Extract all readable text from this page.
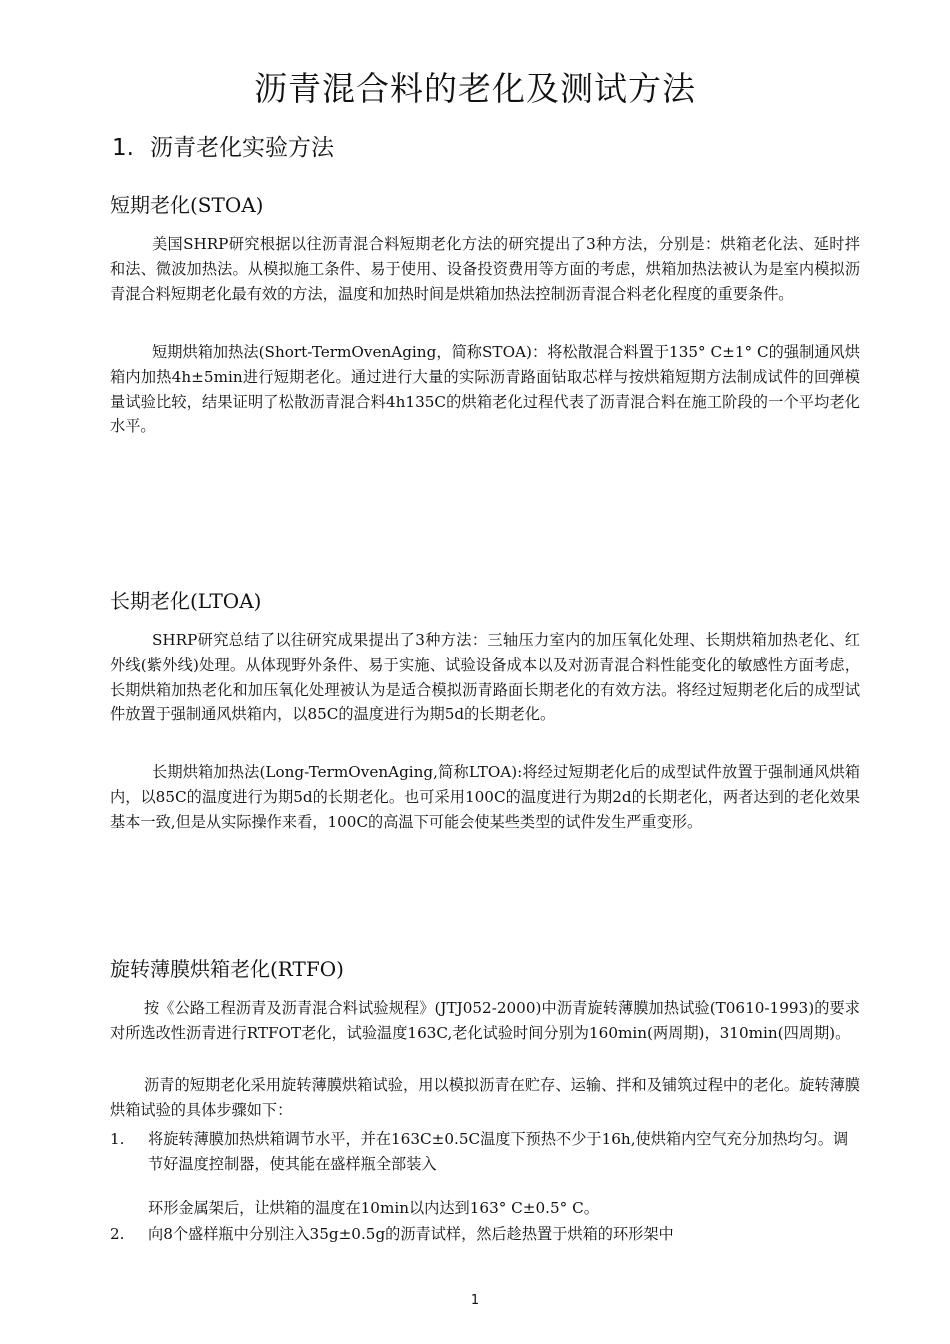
沥青混合料的老化及测试方法
1. 沥青老化实验方法
短期老化(STOA)

美国SHRP研究根据以往沥青混合料短期老化方法的研究提出了3种方法，分别是：烘箱老化法、延时拌和法、微波加热法。从模拟施工条件、易于使用、设备投资费用等方面的考虑，烘箱加热法被认为是室内模拟沥青混合料短期老化最有效的方法，温度和加热时间是烘箱加热法控制沥青混合料老化程度的重要条件。

短期烘箱加热法(Short-TermOvenAging，简称STOA)：将松散混合料置于135° C±1° C的强制通风烘箱内加热4h±5min进行短期老化。通过进行大量的实际沥青路面钻取芯样与按烘箱短期方法制成试件的回弹模量试验比较，结果证明了松散沥青混合料4h135C的烘箱老化过程代表了沥青混合料在施工阶段的一个平均老化水平。

长期老化(LTOA)

SHRP研究总结了以往研究成果提出了3种方法：三轴压力室内的加压氧化处理、长期烘箱加热老化、红外线(紫外线)处理。从体现野外条件、易于实施、试验设备成本以及对沥青混合料性能变化的敏感性方面考虑，长期烘箱加热老化和加压氧化处理被认为是适合模拟沥青路面长期老化的有效方法。将经过短期老化后的成型试件放置于强制通风烘箱内，以85C的温度进行为期5d的长期老化。

长期烘箱加热法(Long-TermOvenAging,简称LTOA):将经过短期老化后的成型试件放置于强制通风烘箱内，以85C的温度进行为期5d的长期老化。也可采用100C的温度进行为期2d的长期老化，两者达到的老化效果基本一致,但是从实际操作来看，100C的高温下可能会使某些类型的试件发生严重变形。

旋转薄膜烘箱老化(RTFO)

按《公路工程沥青及沥青混合料试验规程》(JTJ052-2000)中沥青旋转薄膜加热试验(T0610-1993)的要求对所选改性沥青进行RTFOT老化，试验温度163C,老化试验时间分别为160min(两周期)，310min(四周期)。

沥青的短期老化采用旋转薄膜烘箱试验，用以模拟沥青在贮存、运输、拌和及铺筑过程中的老化。旋转薄膜烘箱试验的具体步骤如下：

1.	将旋转薄膜加热烘箱调节水平，并在163C±0.5C温度下预热不少于16h,使烘箱内空气充分加热均匀。调节好温度控制器，使其能在盛样瓶全部装入
环形金属架后，让烘箱的温度在10min以内达到163° C±0.5° C。
2.	向8个盛样瓶中分别注入35g±0.5g的沥青试样，然后趁热置于烘箱的环形架中
1
